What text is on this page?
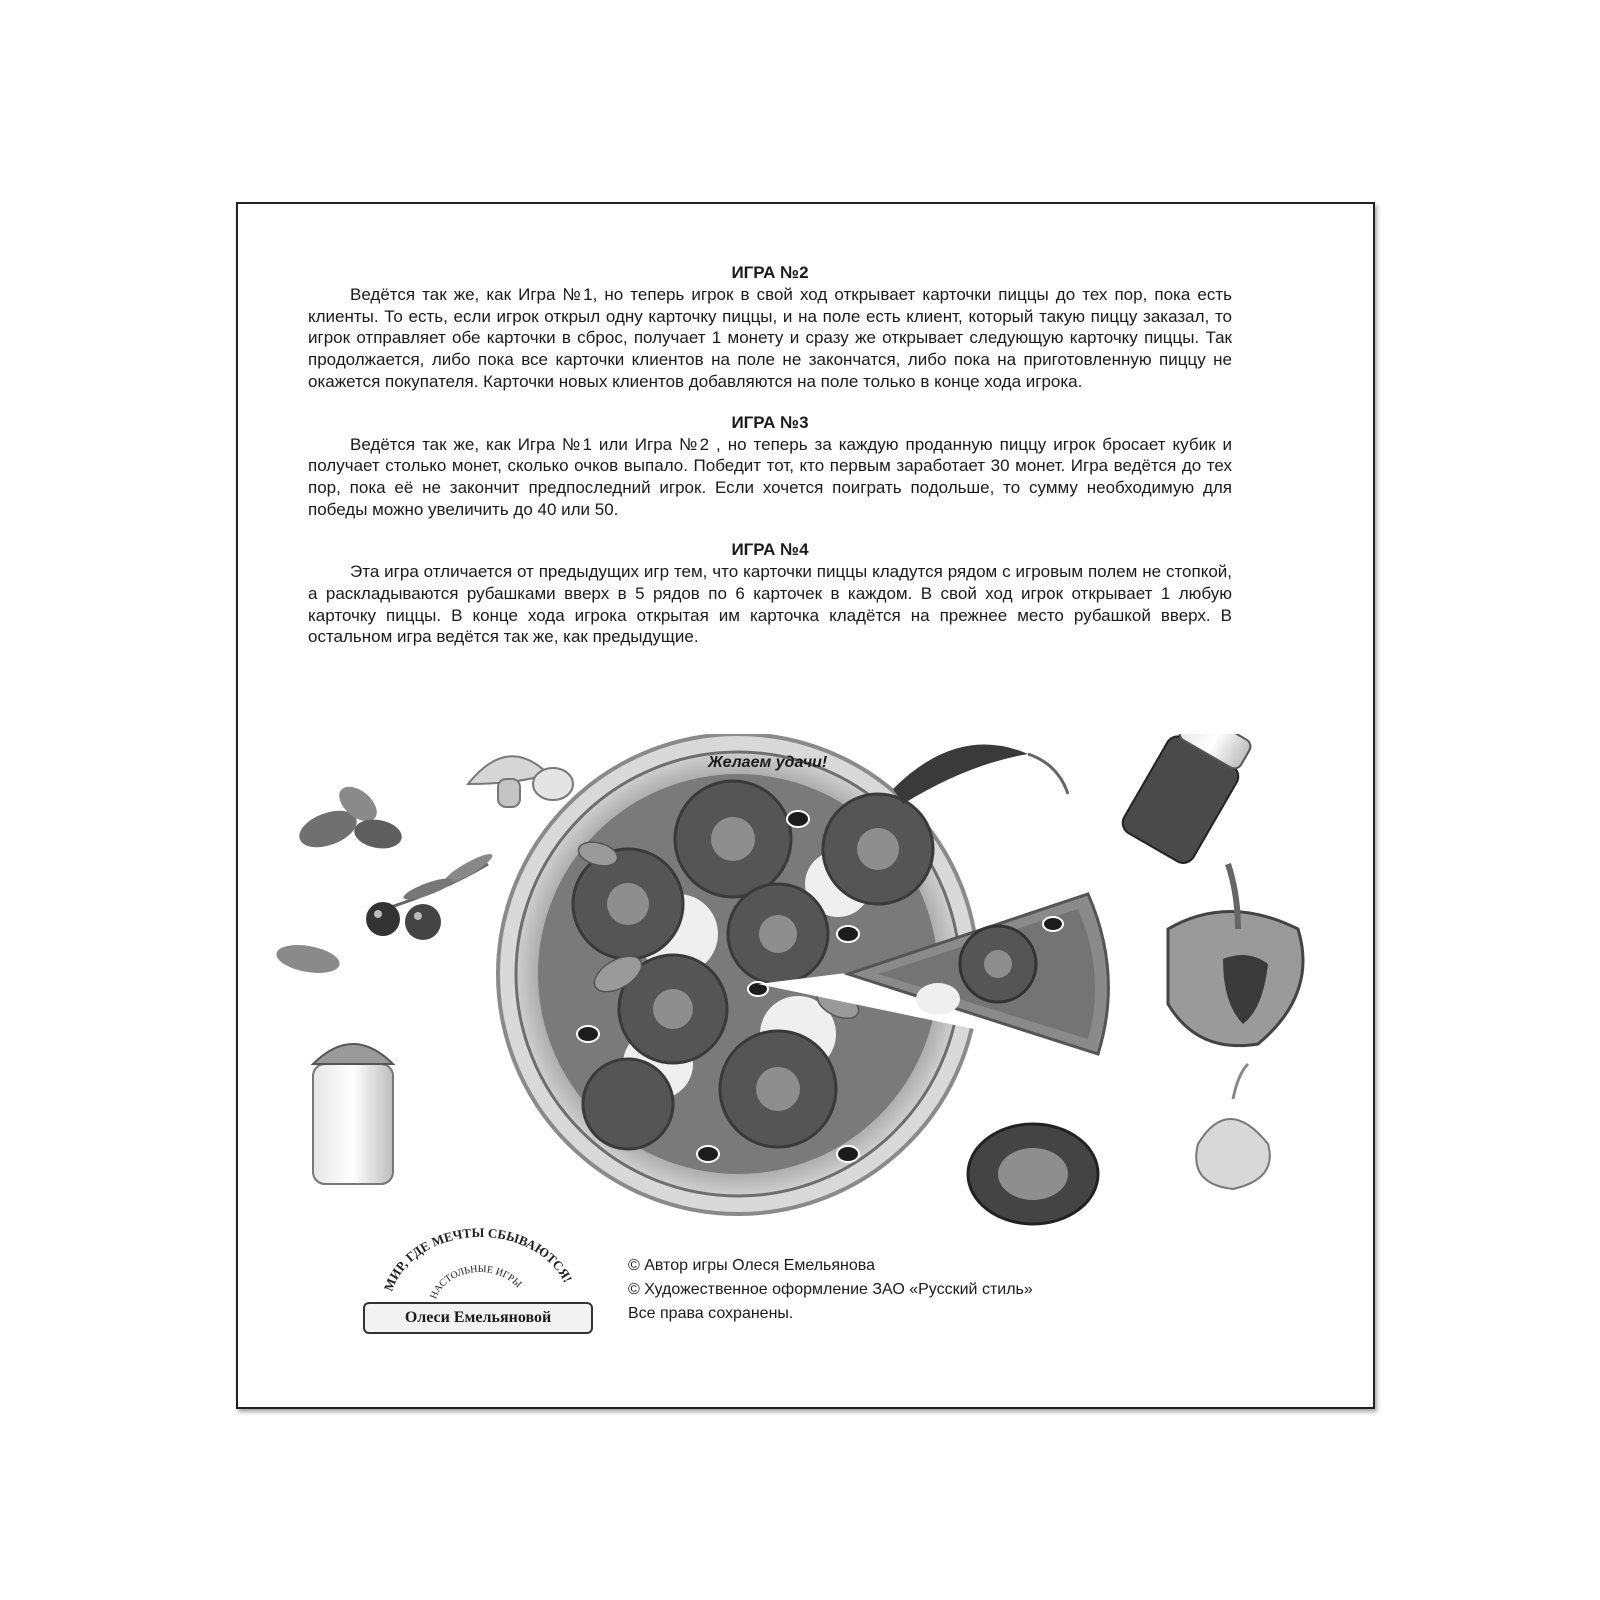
ИГРА №2

Ведётся так же, как Игра №1, но теперь игрок в свой ход открывает карточки пиццы до тех пор, пока есть клиенты. То есть, если игрок открыл одну карточку пиццы, и на поле есть клиент, который такую пиццу заказал, то игрок отправляет обе карточки в сброс, получает 1 монету и сразу же открывает следующую карточку пиццы. Так продолжается, либо пока все карточки клиентов на поле не закончатся, либо пока на приготовленную пиццу не окажется покупателя. Карточки новых клиентов добавляются на поле только в конце хода игрока.

ИГРА №3

Ведётся так же, как Игра №1 или Игра №2 , но теперь за каждую проданную пиццу игрок бросает кубик и получает столько монет, сколько очков выпало. Победит тот, кто первым заработает 30 монет. Игра ведётся до тех пор, пока её не закончит предпоследний игрок. Если хочется поиграть подольше, то сумму необходимую для победы можно увеличить до 40 или 50.

ИГРА №4

Эта игра отличается от предыдущих игр тем, что карточки пиццы кладутся рядом с игровым полем не стопкой, а раскладываются рубашками вверх в 5 рядов по 6 карточек в каждом. В свой ход игрок открывает 1 любую карточку пиццы. В конце хода игрока открытая им карточка кладётся на прежнее место рубашкой вверх. В остальном игра ведётся так же, как предыдущие.

Желаем удачи!
МИР, ГДЕ МЕЧТЫ СБЫВАЮТСЯ!
НАСТОЛЬНЫЕ ИГРЫ
Олеси Емельяновой

© Автор игры Олеся Емельянова

© Художественное оформление ЗАО «Русский стиль»

Все права сохранены.
